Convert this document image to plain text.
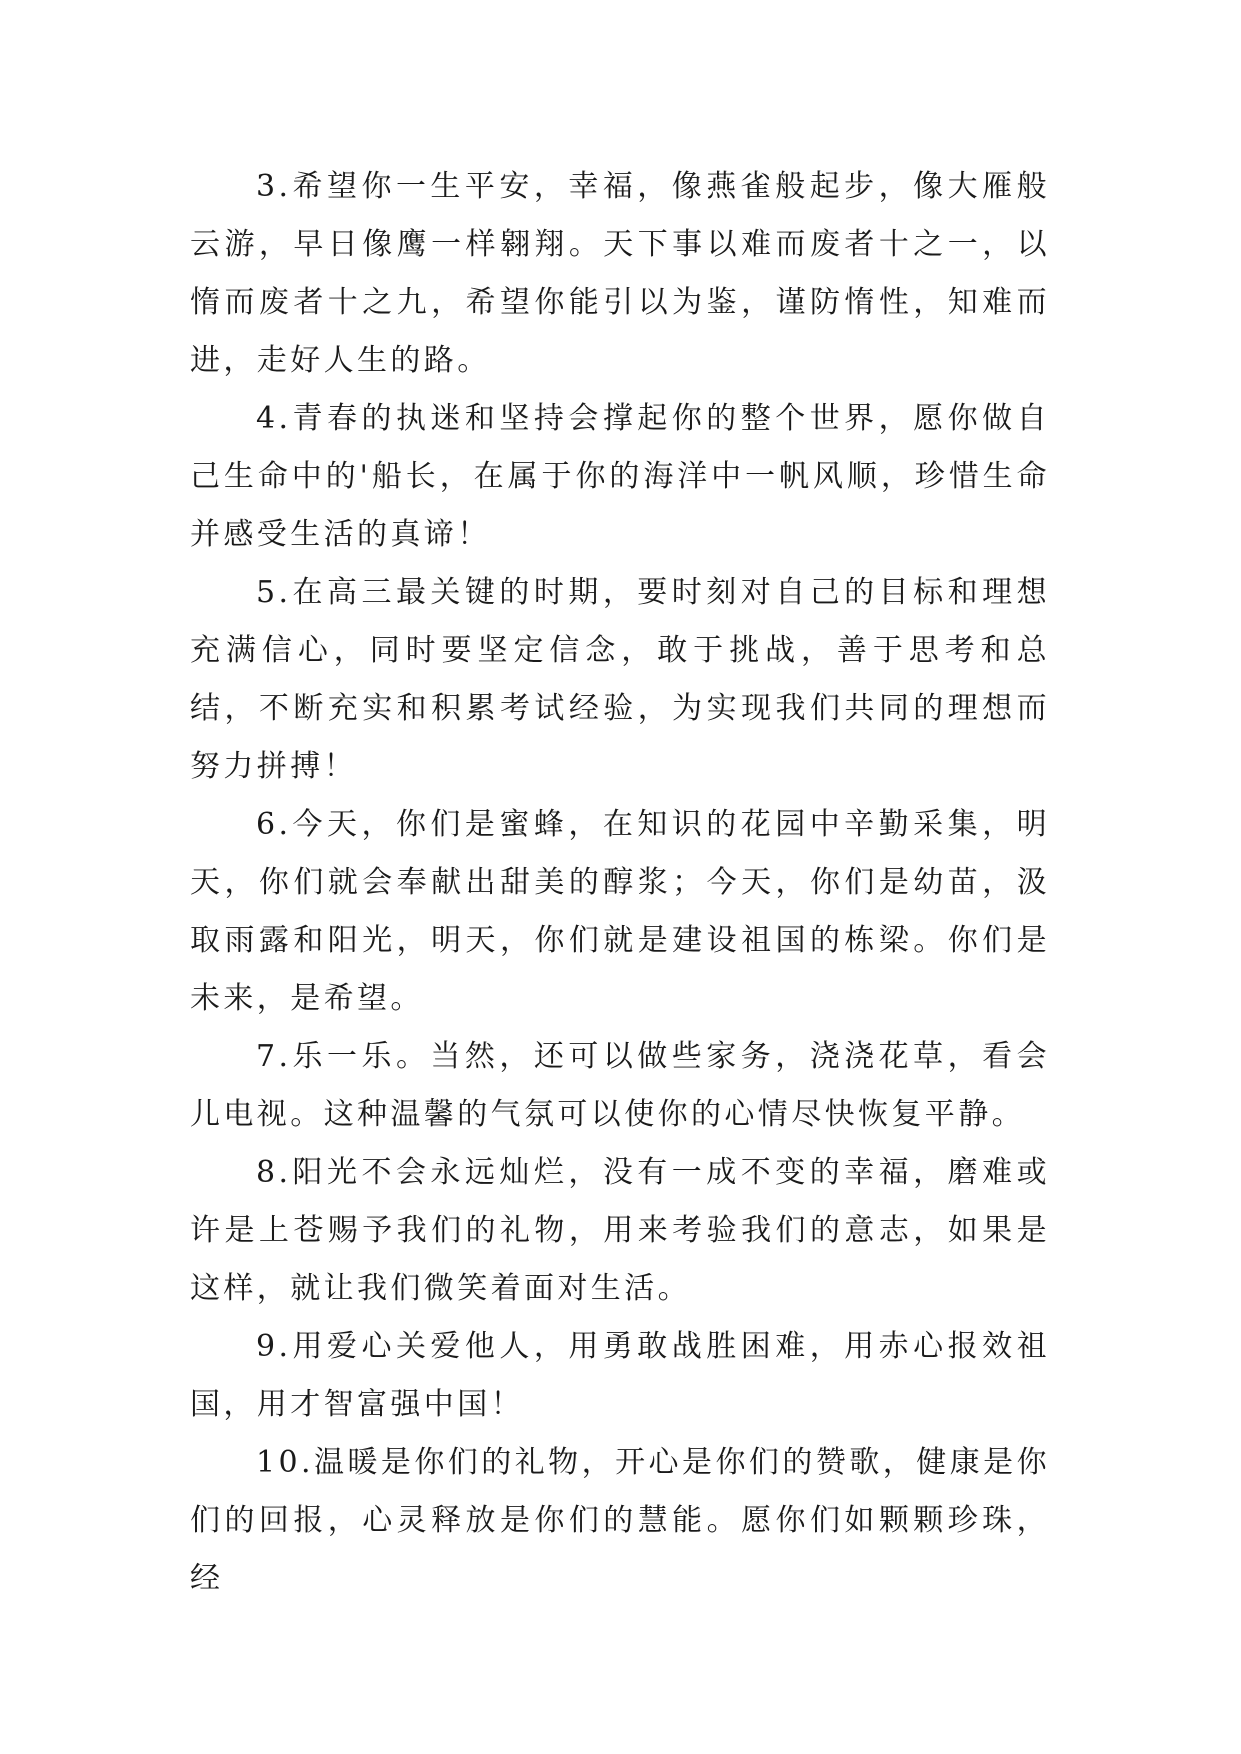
3.希望你一生平安，幸福，像燕雀般起步，像大雁般云游，早日像鹰一样翱翔。天下事以难而废者十之一，以惰而废者十之九，希望你能引以为鉴，谨防惰性，知难而进，走好人生的路。

4.青春的执迷和坚持会撑起你的整个世界，愿你做自己生命中的'船长，在属于你的海洋中一帆风顺，珍惜生命并感受生活的真谛！

5.在高三最关键的时期，要时刻对自己的目标和理想充满信心，同时要坚定信念，敢于挑战，善于思考和总结，不断充实和积累考试经验，为实现我们共同的理想而努力拼搏！

6.今天，你们是蜜蜂，在知识的花园中辛勤采集，明天，你们就会奉献出甜美的醇浆；今天，你们是幼苗，汲取雨露和阳光，明天，你们就是建设祖国的栋梁。你们是未来，是希望。

7.乐一乐。当然，还可以做些家务，浇浇花草，看会儿电视。这种温馨的气氛可以使你的心情尽快恢复平静。

8.阳光不会永远灿烂，没有一成不变的幸福，磨难或许是上苍赐予我们的礼物，用来考验我们的意志，如果是这样，就让我们微笑着面对生活。

9.用爱心关爱他人，用勇敢战胜困难，用赤心报效祖国，用才智富强中国！

10.温暖是你们的礼物，开心是你们的赞歌，健康是你们的回报，心灵释放是你们的慧能。愿你们如颗颗珍珠，经
